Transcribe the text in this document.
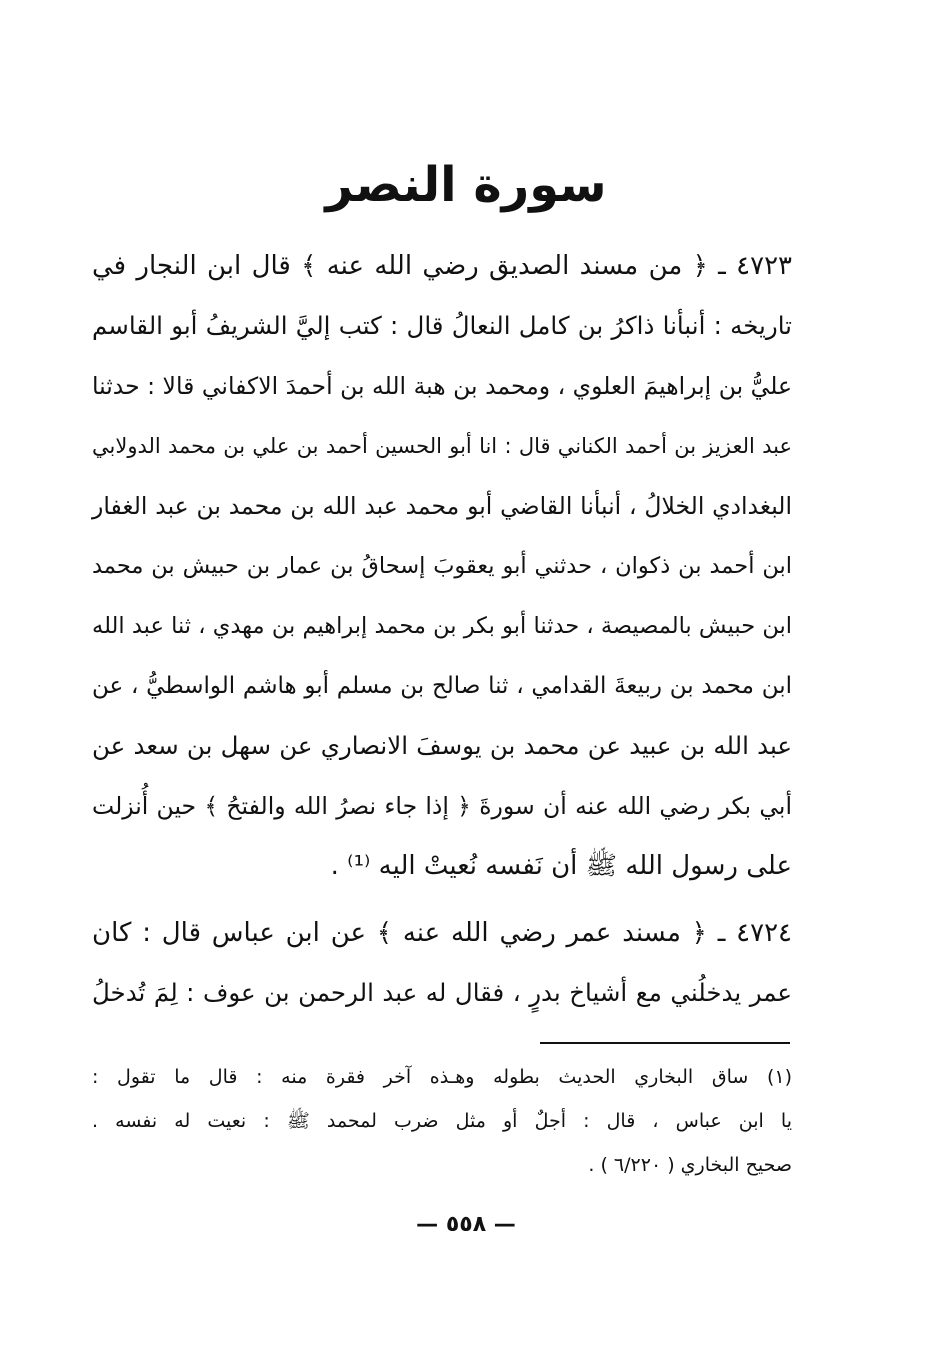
سورة النصر
٤٧٢٣ ـ ﴿ من مسند الصديق رضي الله عنه ﴾ قال ابن النجار في
تاريخه : أنبأنا ذاكرُ بن كامل النعالُ قال : كتب إليَّ الشريفُ أبو القاسم
عليُّ بن إبراهيمَ العلوي ، ومحمد بن هبة الله بن أحمدَ الاكفاني قالا : حدثنا
عبد العزيز بن أحمد الكناني قال : انا أبو الحسين أحمد بن علي بن محمد الدولابي
البغدادي الخلالُ ، أنبأنا القاضي أبو محمد عبد الله بن محمد بن عبد الغفار
ابن أحمد بن ذكوان ، حدثني أبو يعقوبَ إسحاقُ بن عمار بن حبيش بن محمد
ابن حبيش بالمصيصة ، حدثنا أبو بكر بن محمد إبراهيم بن مهدي ، ثنا عبد الله
ابن محمد بن ربيعةَ القدامي ، ثنا صالح بن مسلم أبو هاشم الواسطيُّ ، عن
عبد الله بن عبيد عن محمد بن يوسفَ الانصاري عن سهل بن سعد عن
أبي بكر رضي الله عنه أن سورةَ ﴿ إذا جاء نصرُ الله والفتحُ ﴾ حين أُنزلت
على رسول الله ﷺ أن نَفسه نُعيتْ اليه ⁽¹⁾ .
٤٧٢٤ ـ ﴿ مسند عمر رضي الله عنه ﴾ عن ابن عباس قال : كان
عمر يدخلُني مع أشياخ بدرٍ ، فقال له عبد الرحمن بن عوف : لِمَ تُدخلُ
(١) ساق البخاري الحديث بطوله وهـذه آخر فقرة منه : قال ما تقول :
يا ابن عباس ، قال : أجلٌ أو مثل ضرب لمحمد ﷺ : نعيت له نفسه .
صحيح البخاري ( ٦/٢٢٠ ) .
— ٥٥٨ —
